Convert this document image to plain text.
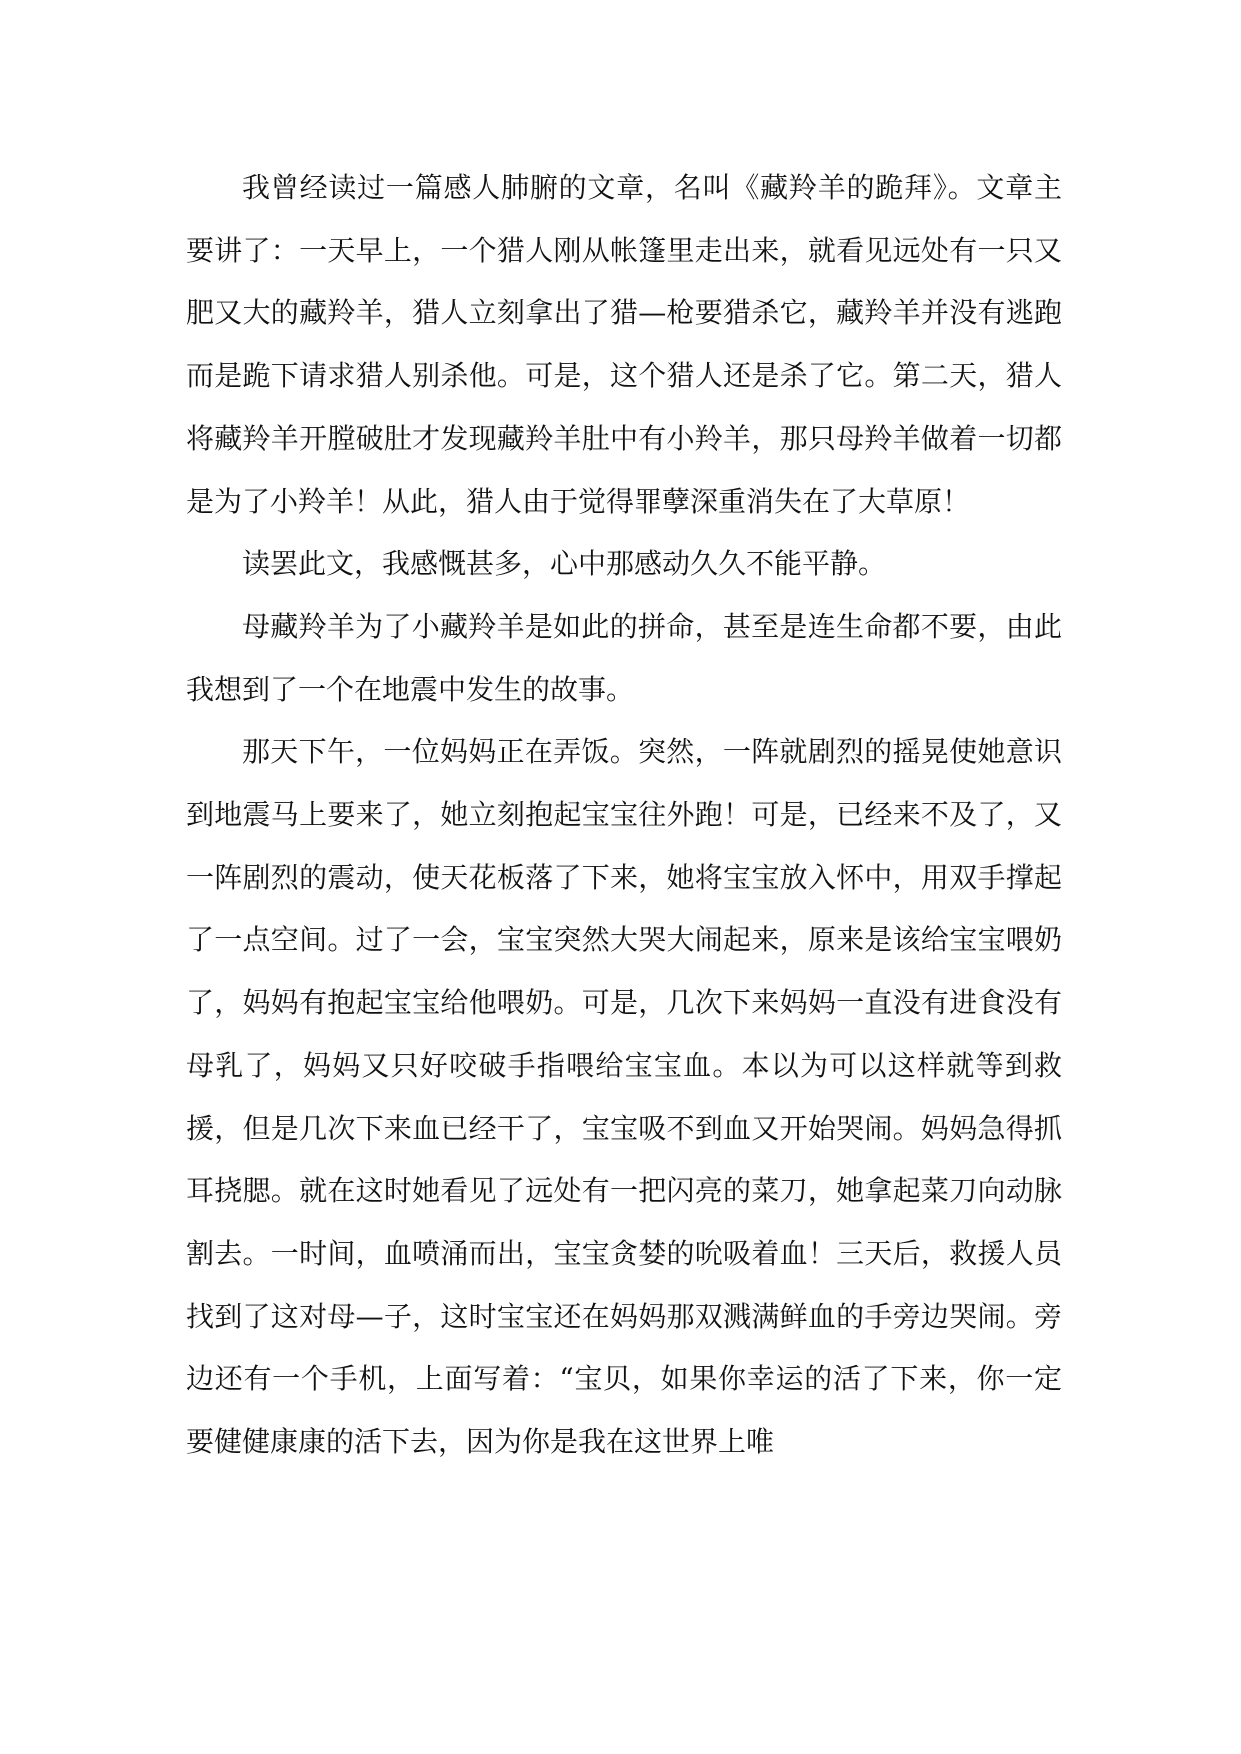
我曾经读过一篇感人肺腑的文章，名叫《藏羚羊的跪拜》。文章主要讲了：一天早上，一个猎人刚从帐篷里走出来，就看见远处有一只又肥又大的藏羚羊，猎人立刻拿出了猎—枪要猎杀它，藏羚羊并没有逃跑而是跪下请求猎人别杀他。可是，这个猎人还是杀了它。第二天，猎人将藏羚羊开膛破肚才发现藏羚羊肚中有小羚羊，那只母羚羊做着一切都是为了小羚羊！从此，猎人由于觉得罪孽深重消失在了大草原！

读罢此文，我感慨甚多，心中那感动久久不能平静。

母藏羚羊为了小藏羚羊是如此的拼命，甚至是连生命都不要，由此我想到了一个在地震中发生的故事。

那天下午，一位妈妈正在弄饭。突然，一阵就剧烈的摇晃使她意识到地震马上要来了，她立刻抱起宝宝往外跑！可是，已经来不及了，又一阵剧烈的震动，使天花板落了下来，她将宝宝放入怀中，用双手撑起了一点空间。过了一会，宝宝突然大哭大闹起来，原来是该给宝宝喂奶了，妈妈有抱起宝宝给他喂奶。可是，几次下来妈妈一直没有进食没有母乳了，妈妈又只好咬破手指喂给宝宝血。本以为可以这样就等到救援，但是几次下来血已经干了，宝宝吸不到血又开始哭闹。妈妈急得抓耳挠腮。就在这时她看见了远处有一把闪亮的菜刀，她拿起菜刀向动脉割去。一时间，血喷涌而出，宝宝贪婪的吮吸着血！三天后，救援人员找到了这对母—子，这时宝宝还在妈妈那双溅满鲜血的手旁边哭闹。旁边还有一个手机，上面写着：“宝贝，如果你幸运的活了下来，你一定要健健康康的活下去，因为你是我在这世界上唯
